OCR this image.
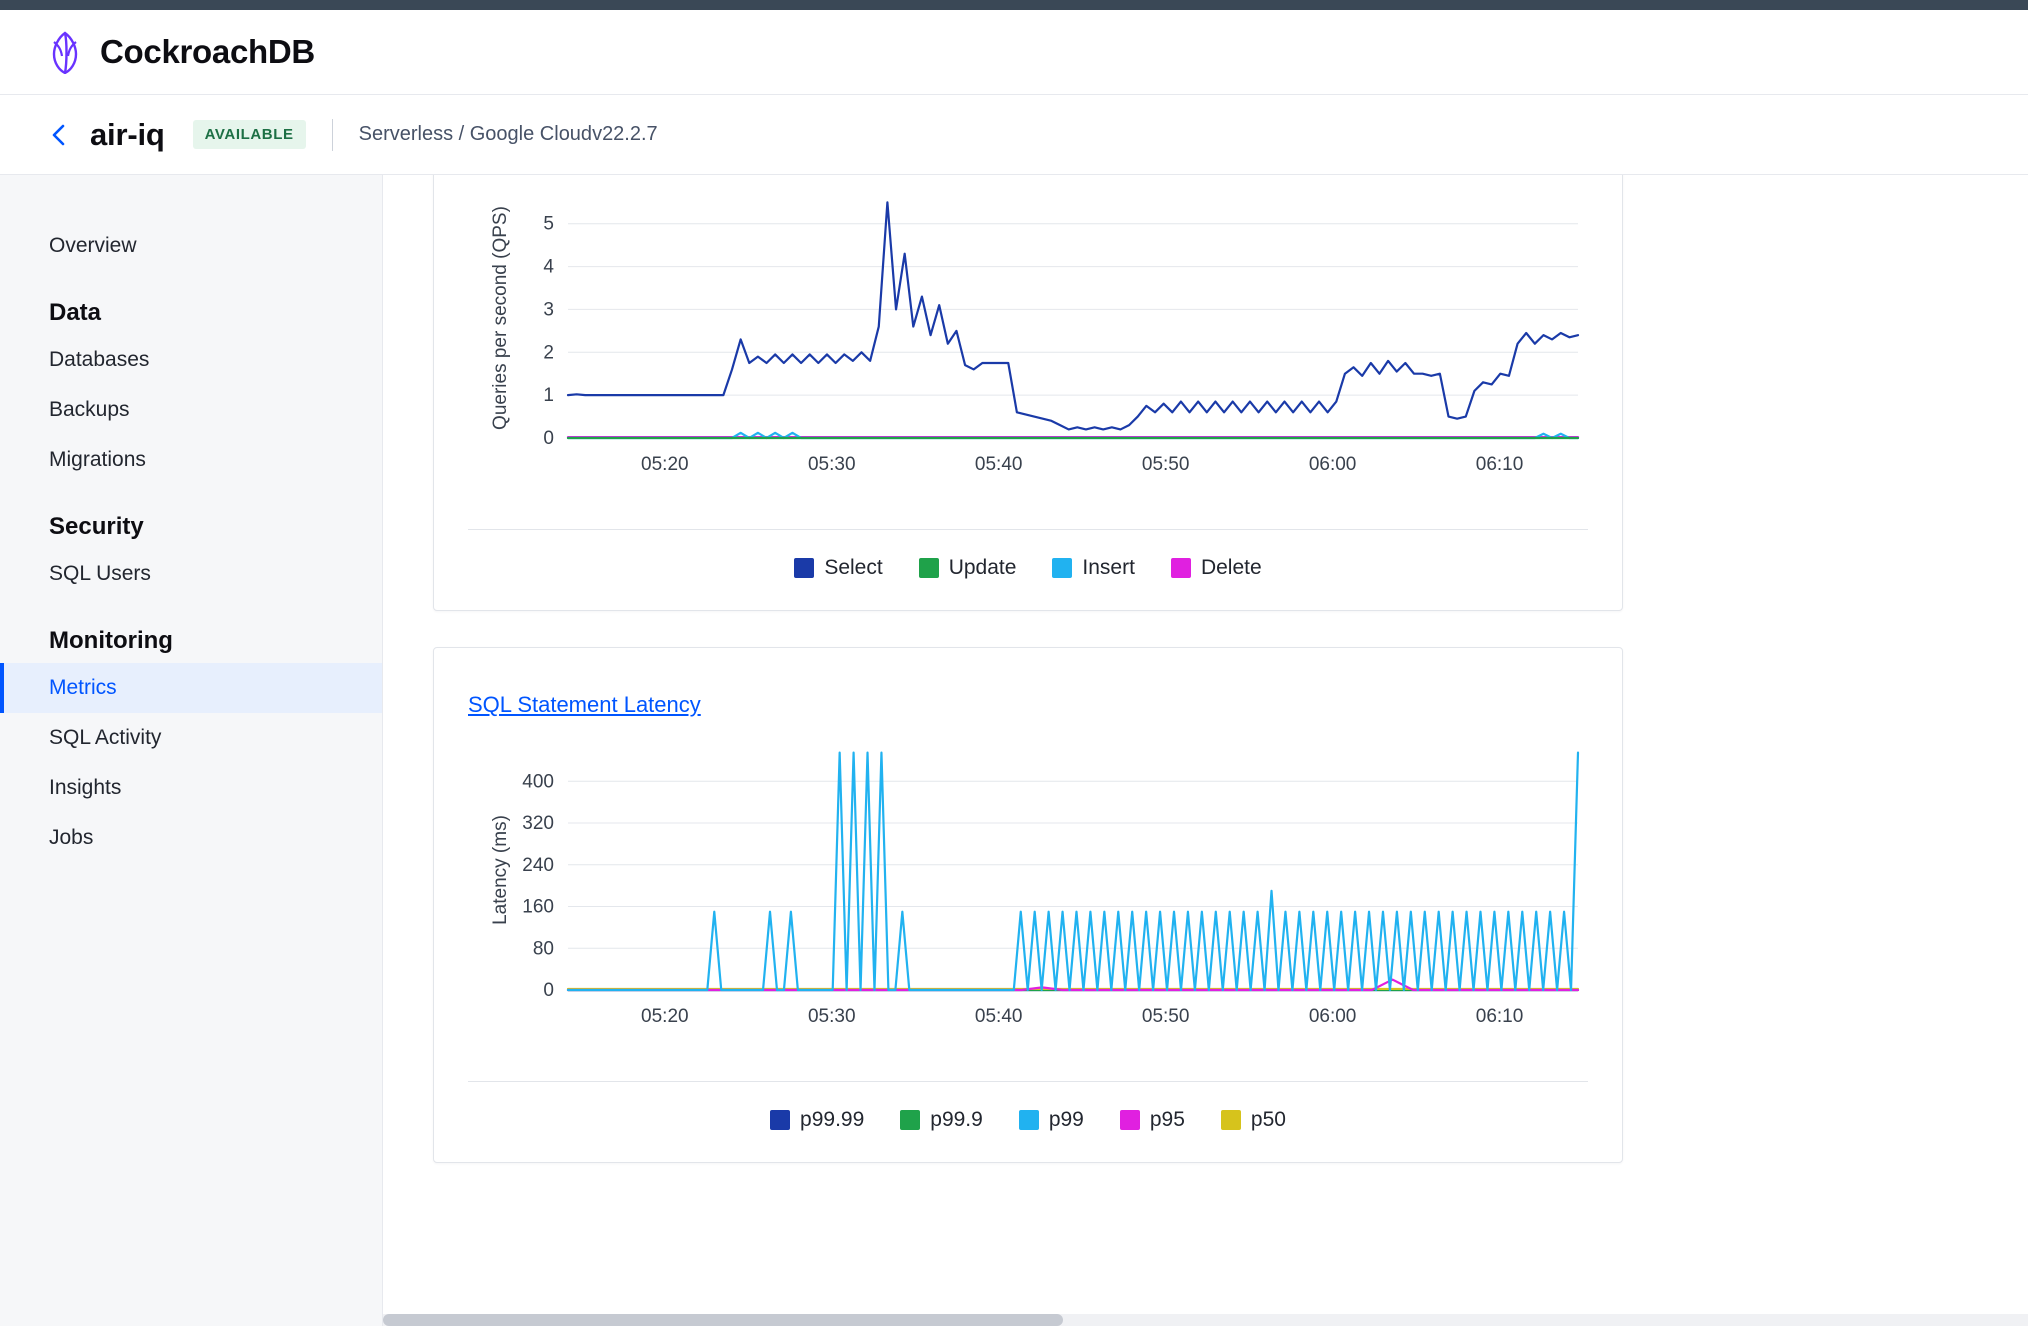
CockroachDB
air-iq	AVAILABLE	Serverless / Google Cloud v22.2.7
Overview
Data
Databases
Backups
Migrations
Security
SQL Users
Monitoring
Metrics
SQL Activity
Insights
Jobs
0
1
2
3
4
5
05:20	05:30	05:40	05:50	06:00	06:10
Queries per second (QPS)
Select	Update	Insert	Delete
SQL Statement Latency
0
80
160
240
320
400
05:20	05:30	05:40	05:50	06:00	06:10
Latency (ms)
p99.99	p99.9	p99	p95	p50
